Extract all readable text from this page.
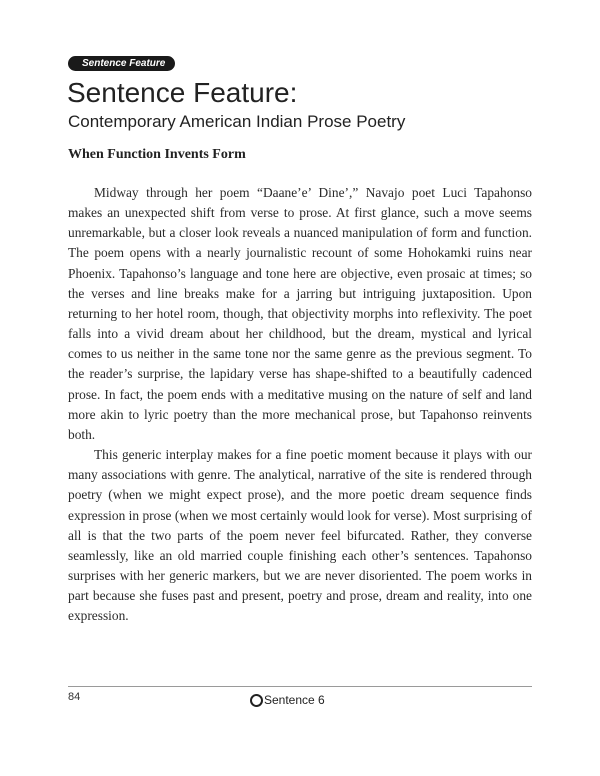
Sentence Feature
Sentence Feature:
Contemporary American Indian Prose Poetry
When Function Invents Form

Midway through her poem “Daane’e’ Dine’,” Navajo poet Luci Tapahonso makes an unexpected shift from verse to prose. At first glance, such a move seems unremarkable, but a closer look reveals a nuanced manipulation of form and function. The poem opens with a nearly journalistic recount of some Hohokamki ruins near Phoenix. Tapahonso’s language and tone here are objective, even prosaic at times; so the verses and line breaks make for a jarring but intriguing juxtaposition. Upon returning to her hotel room, though, that objectivity morphs into reflexivity. The poet falls into a vivid dream about her childhood, but the dream, mystical and lyrical comes to us neither in the same tone nor the same genre as the previous segment. To the reader’s surprise, the lapidary verse has shape-shifted to a beautifully cadenced prose. In fact, the poem ends with a meditative musing on the nature of self and land more akin to lyric poetry than the more mechanical prose, but Tapahonso reinvents both.

This generic interplay makes for a fine poetic moment because it plays with our many associations with genre. The analytical, narrative of the site is rendered through poetry (when we might expect prose), and the more poetic dream sequence finds expression in prose (when we most certainly would look for verse). Most surprising of all is that the two parts of the poem never feel bifurcated. Rather, they converse seamlessly, like an old married couple finishing each other’s sentences. Tapahonso surprises with her generic markers, but we are never disoriented. The poem works in part because she fuses past and present, poetry and prose, dream and reality, into one expression.

84	Sentence 6
